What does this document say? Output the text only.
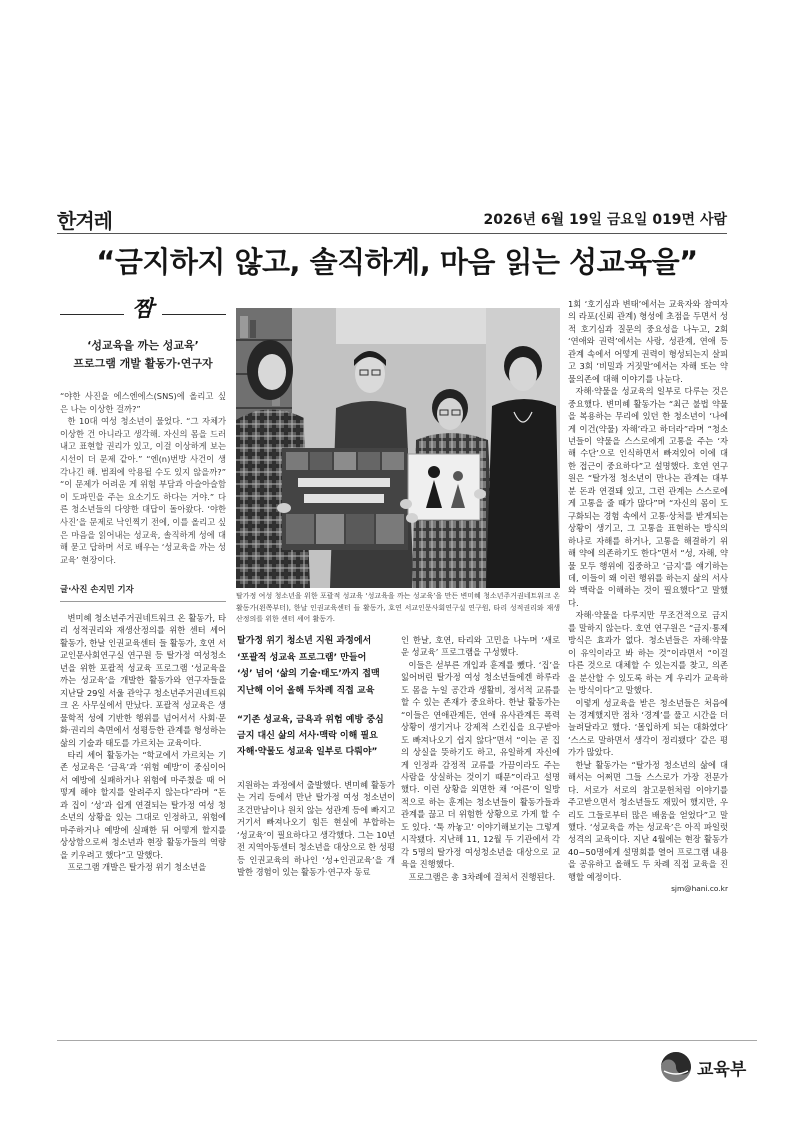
한겨레	2026년 6월 19일 금요일 019면 사람
“금지하지 않고, 솔직하게, 마음 읽는 성교육을”
짬
‘성교육을 까는 성교육’
프로그램 개발 활동가·연구자

“야한 사진을 에스엔에스(SNS)에 올리고 싶은 나는 이상한 걸까?”

한 10대 여성 청소년이 물었다. “그 자체가 이상한 건 아니라고 생각해. 자신의 몸을 드러내고 표현할 권리가 있고, 이걸 이상하게 보는 시선이 더 문제 같아.” “엔(n)번방 사건이 생각나긴 해. 범죄에 악용될 수도 있지 않을까?” “이 문제가 어려운 게 위험 부담과 아슬아슬함이 도파민을 주는 요소기도 하다는 거야.” 다른 청소년들의 다양한 대답이 돌아왔다. ‘야한 사진’을 문제로 낙인찍기 전에, 이를 올리고 싶은 마음을 읽어내는 성교육, 솔직하게 성에 대해 묻고 답하며 서로 배우는 ‘성교육을 까는 성교육’ 현장이다.

글·사진 손지민 기자

변미혜 청소년주거권네트워크 온 활동가, 타리 성적권리와 재생산정의를 위한 센터 셰어 활동가, 한날 인권교육센터 들 활동가, 호연 서교인문사회연구실 연구원 등 탈가정 여성청소년을 위한 포괄적 성교육 프로그램 ‘성교육을 까는 성교육’을 개발한 활동가와 연구자들을 지난달 29일 서울 관악구 청소년주거권네트워크 온 사무실에서 만났다. 포괄적 성교육은 생물학적 성에 기반한 행위를 넘어서서 사회·문화·권리의 측면에서 성평등한 관계를 형성하는 삶의 기술과 태도를 가르치는 교육이다.

타리 셰어 활동가는 “학교에서 가르치는 기존 성교육은 ‘금욕’과 ‘위험 예방’이 중심이어서 예방에 실패하거나 위험에 마주쳤을 때 어떻게 해야 할지를 알려주지 않는다”라며 “돈과 집이 ‘성’과 쉽게 연결되는 탈가정 여성 청소년의 상황을 있는 그대로 인정하고, 위험에 마주하거나 예방에 실패한 뒤 어떻게 할지를 상상함으로써 청소년과 현장 활동가들의 역량을 키우려고 했다”고 말했다.

프로그램 개발은 탈가정 위기 청소년을

탈가정 여성 청소년을 위한 포괄적 성교육 ‘성교육을 까는 성교육’을 만든 변미혜 청소년주거권네트워크 온 활동가(왼쪽부터), 한날 인권교육센터 들 활동가, 호연 서교인문사회연구실 연구원, 타리 성적권리와 재생산정의를 위한 센터 셰어 활동가.
탈가정 위기 청소년 지원 과정에서
‘포괄적 성교육 프로그램’ 만들어
‘성’ 넘어 ‘삶의 기술·태도’까지 접맥
지난해 이어 올해 두차례 직접 교육
“기존 성교육, 금욕과 위험 예방 중심
금지 대신 삶의 서사·맥락 이해 필요
자해·약물도 성교육 일부로 다뤄야”

지원하는 과정에서 출발했다. 변미혜 활동가는 거리 등에서 만난 탈가정 여성 청소년이 조건만남이나 원치 않는 성관계 등에 빠지고 거기서 빠져나오기 힘든 현실에 부합하는 ‘성교육’이 필요하다고 생각했다. 그는 10년 전 지역아동센터 청소년을 대상으로 한 성평등 인권교육의 하나인 ‘성+인권교육’을 개발한 경험이 있는 활동가·연구자 동료

인 한날, 호연, 타리와 고민을 나누며 ‘새로운 성교육’ 프로그램을 구성했다.

이들은 섣부른 개입과 훈계를 뺐다. ‘집’을 잃어버린 탈가정 여성 청소년들에겐 하루라도 몸을 누일 공간과 생활비, 정서적 교류를 할 수 있는 존재가 중요하다. 한날 활동가는 “이들은 연애관계든, 연애 유사관계든 폭력 상황이 생기거나 강제적 스킨십을 요구받아도 빠져나오기 쉽지 않다”면서 “이는 곧 집의 상실을 뜻하기도 하고, 유일하게 자신에게 인정과 감정적 교류를 가끔이라도 주는 사람을 상실하는 것이기 때문”이라고 설명했다. 이런 상황을 외면한 채 ‘어른’이 일방적으로 하는 훈계는 청소년들이 활동가들과 관계를 끊고 더 위험한 상황으로 가게 할 수도 있다. ‘툭 까놓고’ 이야기해보기는 그렇게 시작됐다. 지난해 11, 12월 두 기관에서 각각 5명의 탈가정 여성청소년을 대상으로 교육을 진행했다.

프로그램은 총 3차례에 걸쳐서 진행된다.

1회 ‘호기심과 변태’에서는 교육자와 참여자의 라포(신뢰 관계) 형성에 초점을 두면서 성적 호기심과 질문의 중요성을 나누고, 2회 ‘연애와 권력’에서는 사랑, 성관계, 연애 등 관계 속에서 어떻게 권력이 형성되는지 살피고 3회 ‘비밀과 거짓말’에서는 자해 또는 약물의존에 대해 이야기를 나눈다.

자해·약물을 성교육의 일부로 다루는 것은 중요했다. 변미혜 활동가는 “최근 불법 약물을 복용하는 무리에 있던 한 청소년이 ‘나에게 이건(약물) 자해’라고 하더라”라며 “청소년들이 약물을 스스로에게 고통을 주는 ‘자해 수단’으로 인식하면서 빠져있어 이에 대한 접근이 중요하다”고 설명했다. 호연 연구원은 “탈가정 청소년이 만나는 관계는 대부분 돈과 연결돼 있고, 그런 관계는 스스로에게 고통을 줄 때가 많다”며 “자신의 몸이 도구화되는 경험 속에서 고통·상처를 받게되는 상황이 생기고, 그 고통을 표현하는 방식의 하나로 자해를 하거나, 고통을 해결하기 위해 약에 의존하기도 한다”면서 “성, 자해, 약물 모두 행위에 집중하고 ‘금지’를 얘기하는데, 이들이 왜 이런 행위를 하는지 삶의 서사와 맥락을 이해하는 것이 필요했다”고 말했다.

자해·약물을 다루지만 무조건적으로 금지를 말하지 않는다. 호연 연구원은 “금지·통제 방식은 효과가 없다. 청소년들은 자해·약물이 유익이라고 봐 하는 것”이라면서 “이걸 다른 것으로 대체할 수 있는지를 찾고, 의존을 분산할 수 있도록 하는 게 우리가 교육하는 방식이다”고 말했다.

이렇게 성교육을 받은 청소년들은 처음에는 경계했지만 점차 ‘경계’를 풀고 시간을 더 늘려달라고 했다. ‘몰입하게 되는 대화였다’ ‘스스로 말하면서 생각이 정리됐다’ 같은 평가가 많았다.

한날 활동가는 “탈가정 청소년의 삶에 대해서는 어쩌면 그들 스스로가 가장 전문가다. 서로가 서로의 참고문헌처럼 이야기를 주고받으면서 청소년들도 재밌어 했지만, 우리도 그들로부터 많은 배움을 얻었다”고 말했다. ‘성교육을 까는 성교육’은 아직 파일럿 성격의 교육이다. 지난 4월에는 현장 활동가 40~50명에게 설명회를 열어 프로그램 내용을 공유하고 올해도 두 차례 직접 교육을 진행할 예정이다.

sjm@hani.co.kr
교육부
